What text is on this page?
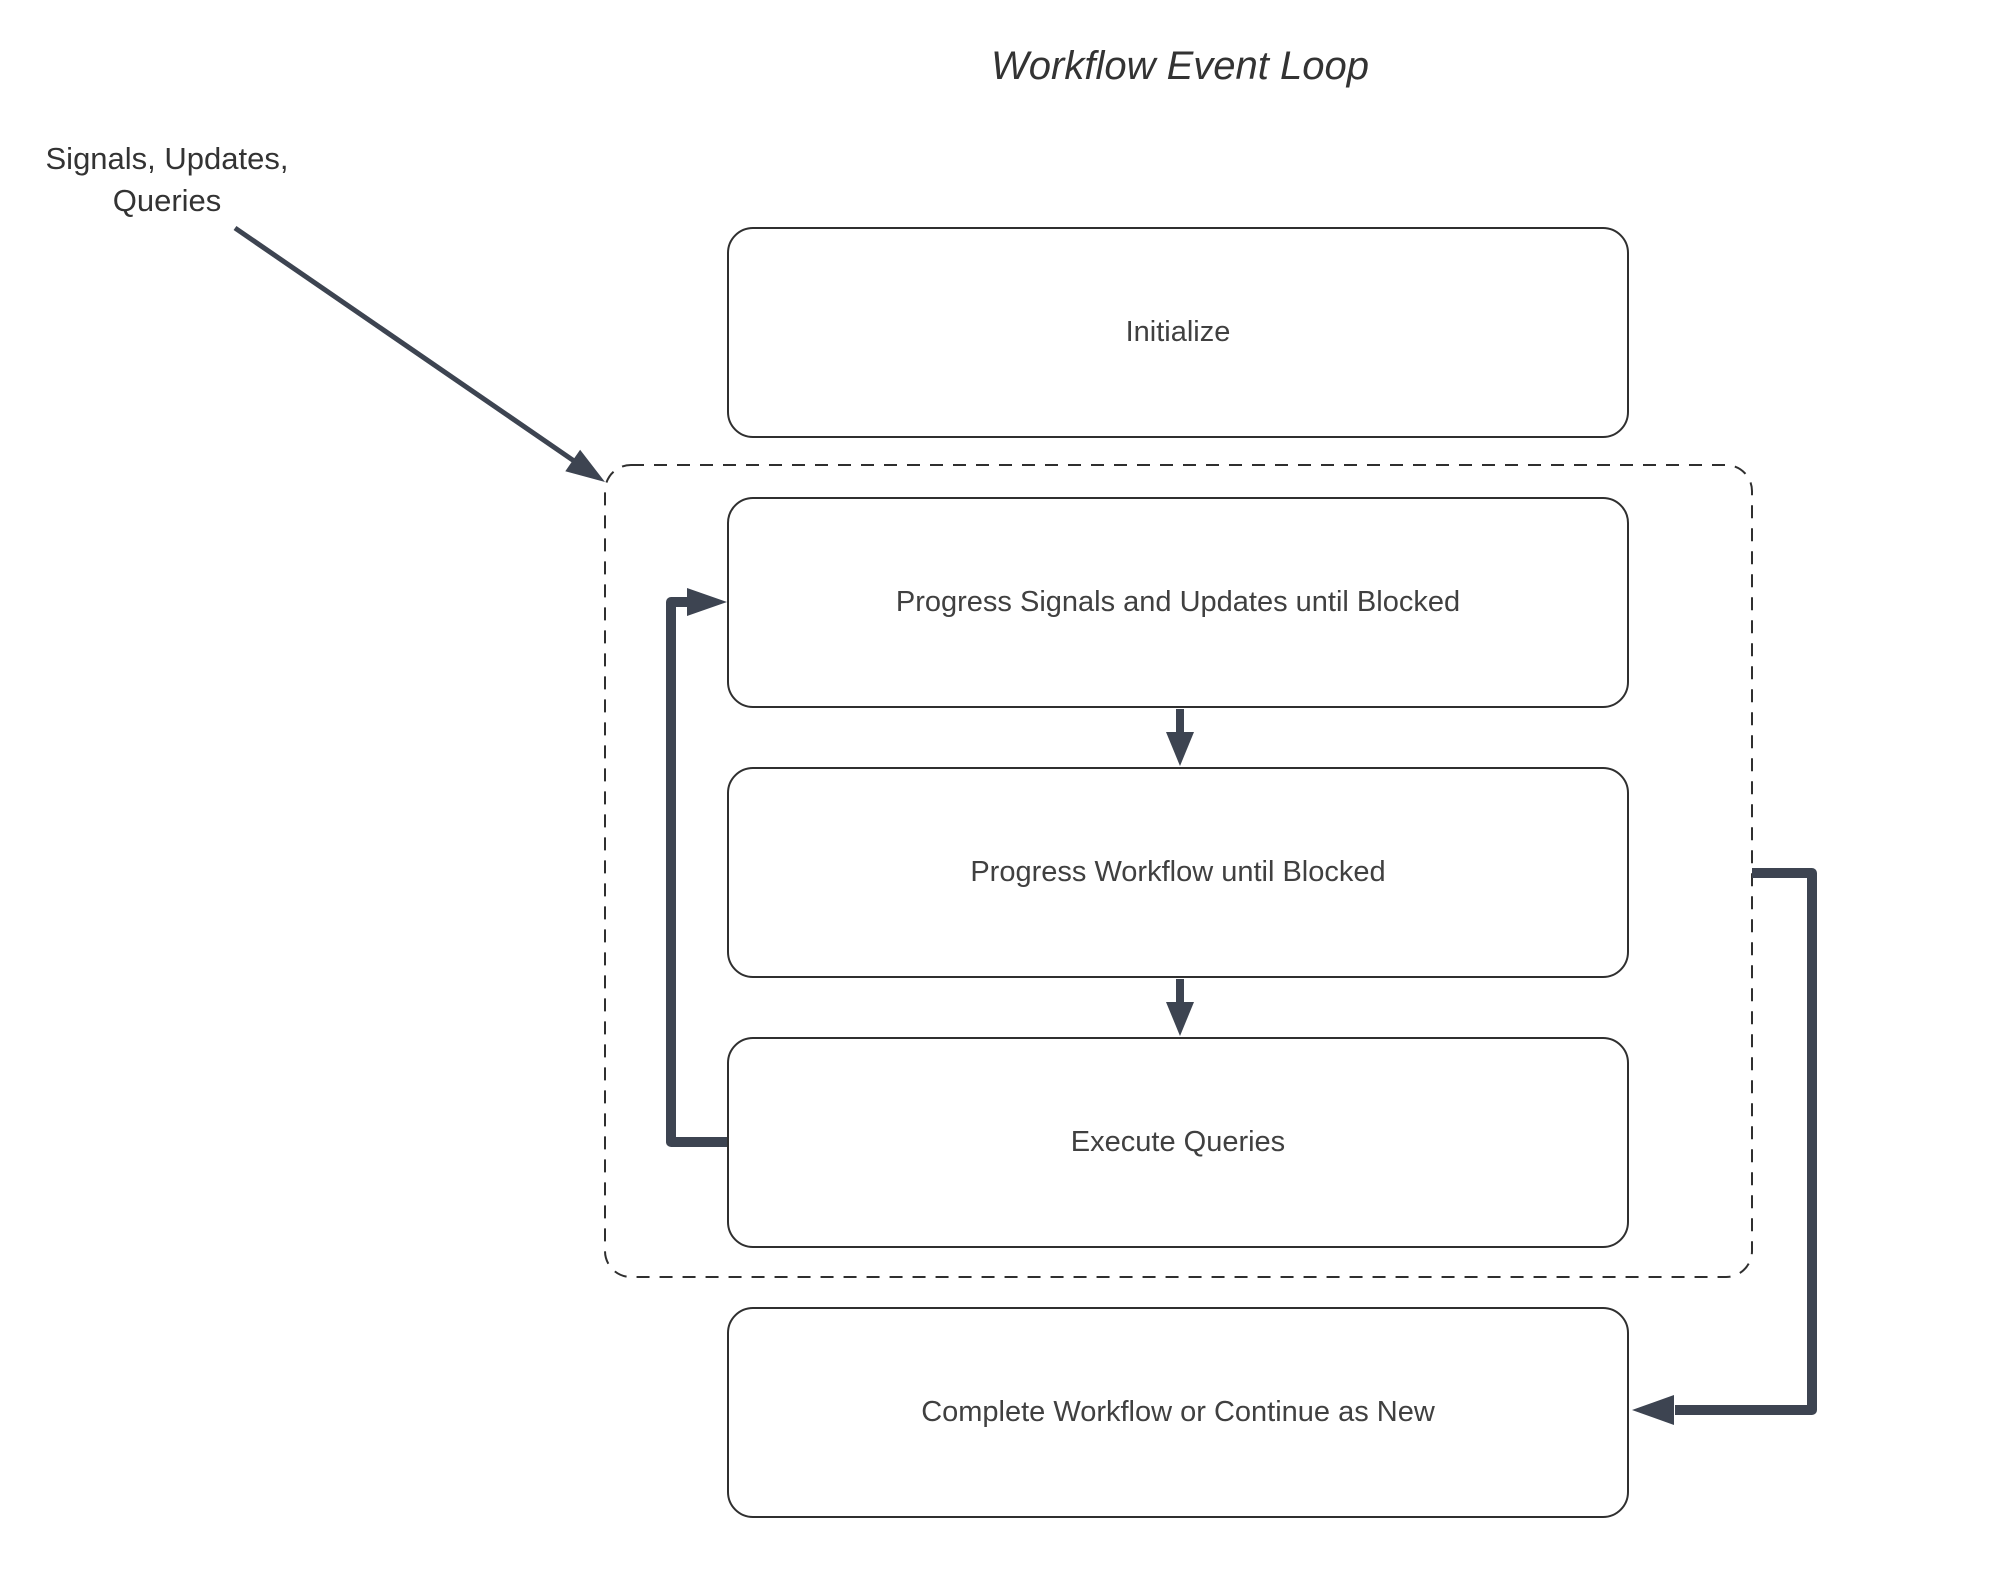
Workflow Event Loop
Signals, Updates,
Queries
Initialize
Progress Signals and Updates until Blocked
Progress Workflow until Blocked
Execute Queries
Complete Workflow or Continue as New
